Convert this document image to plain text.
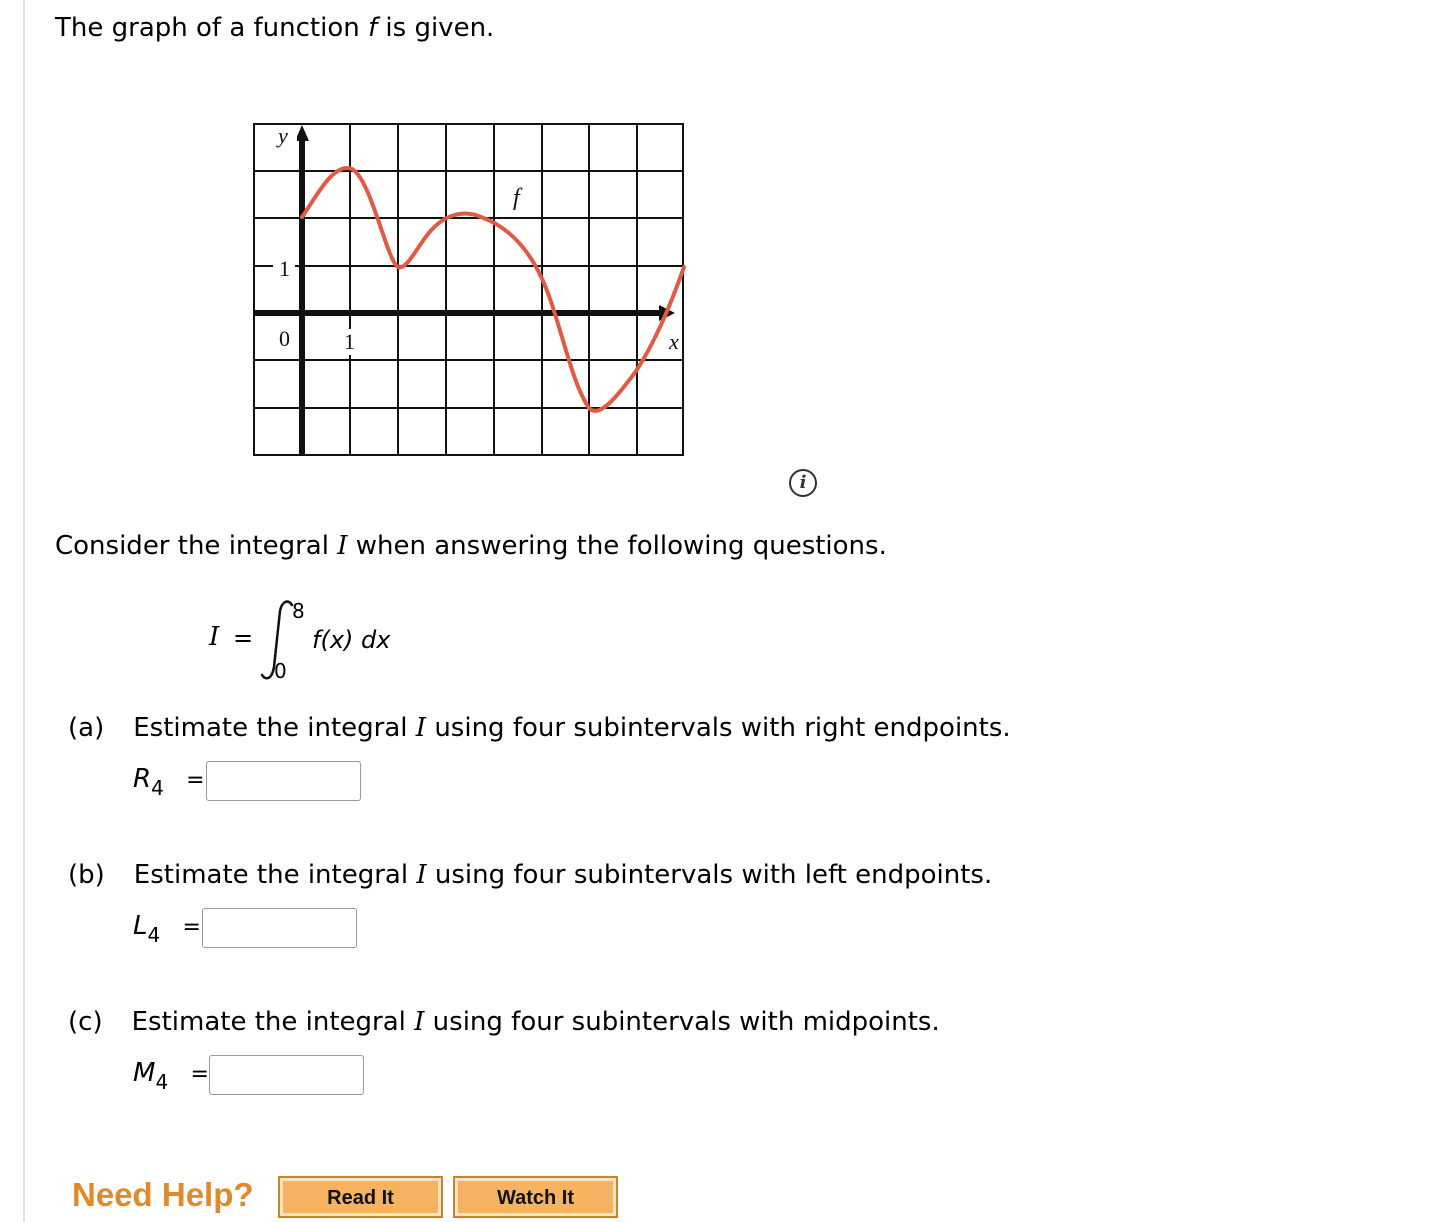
The graph of a function f is given.
y
x
f
1
0 1
i
Consider the integral I when answering the following questions.
I =
8
0
f(x) dx
(a) Estimate the integral I using four subintervals with right endpoints.
$R_4$ =
(b) Estimate the integral I using four subintervals with left endpoints.
$L_4$ =
(c) Estimate the integral I using four subintervals with midpoints.
$M_4$ =
Need Help?	Read It	Watch It
